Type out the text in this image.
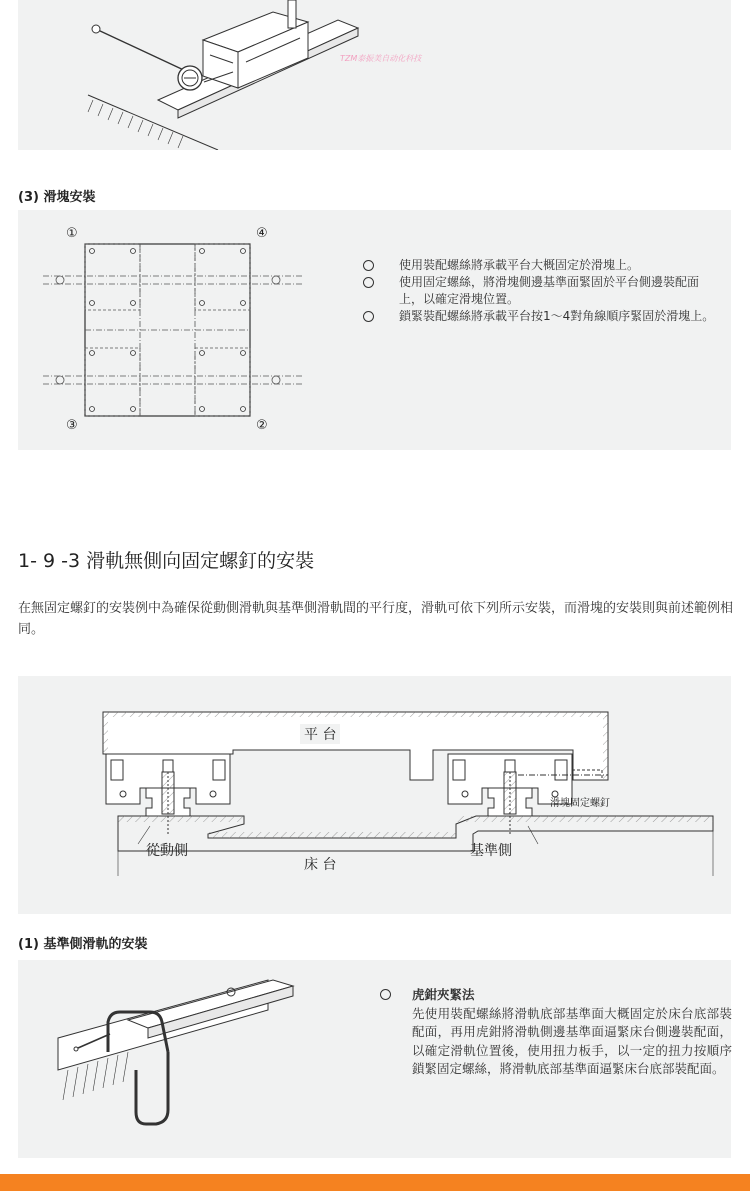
TZM泰振美自动化科技
(3) 滑塊安裝
①	④
③	②
使用裝配螺絲將承載平台大概固定於滑塊上。
使用固定螺絲，將滑塊側邊基準面緊固於平台側邊裝配面上，以確定滑塊位置。
鎖緊裝配螺絲將承載平台按1～4對角線順序緊固於滑塊上。
1- 9 -3 滑軌無側向固定螺釘的安裝
在無固定螺釘的安裝例中為確保從動側滑軌與基準側滑軌間的平行度，滑軌可依下列所示安裝，而滑塊的安裝則與前述範例相同。
平 台
從動側	基準側
床 台
滑塊固定螺釘
(1) 基準側滑軌的安裝
虎鉗夾緊法
先使用裝配螺絲將滑軌底部基準面大概固定於床台底部裝配面，再用虎鉗將滑軌側邊基準面逼緊床台側邊裝配面，以確定滑軌位置後，使用扭力板手，以一定的扭力按順序鎖緊固定螺絲，將滑軌底部基準面逼緊床台底部裝配面。
